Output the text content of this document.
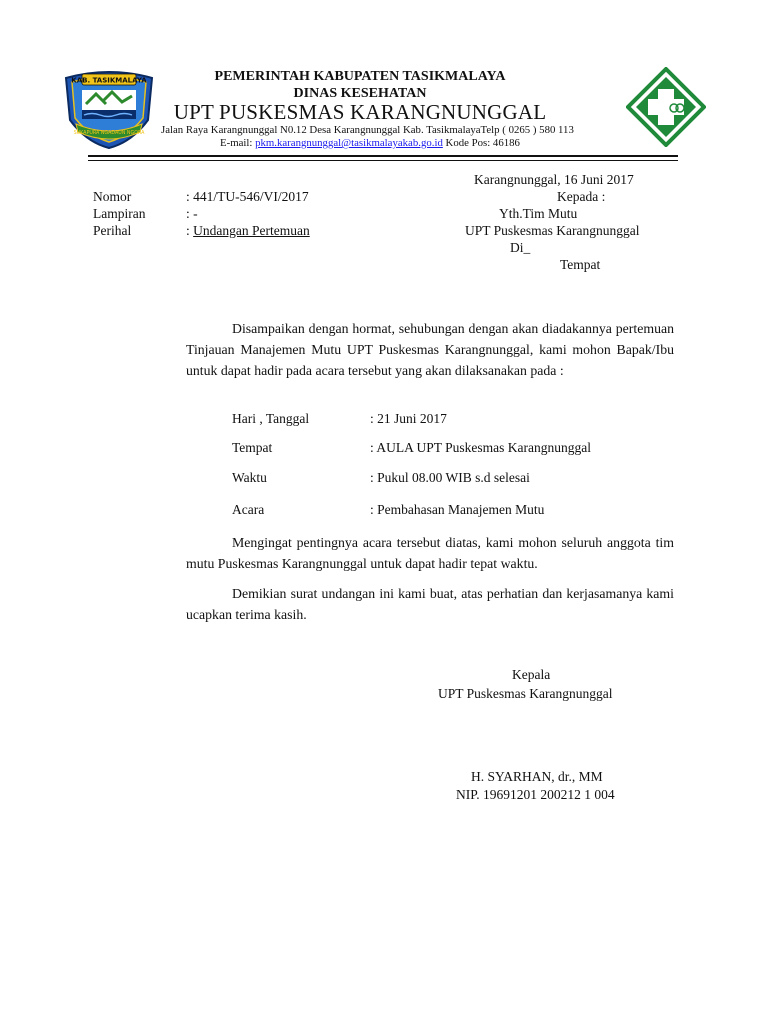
KAB. TASIKMALAYA
SUKAPURA NGADAUN NGORA
PEMERINTAH KABUPATEN TASIKMALAYA
DINAS KESEHATAN
UPT PUSKESMAS KARANGNUNGGAL
Jalan Raya Karangnunggal N0.12 Desa Karangnunggal Kab. TasikmalayaTelp ( 0265 ) 580 113
E-mail: pkm.karangnunggal@tasikmalayakab.go.id Kode Pos: 46186
Karangnunggal, 16 Juni 2017
Nomor	: 441/TU-546/VI/2017
Lampiran	: -
Perihal	: Undangan Pertemuan
Kepada :
Yth.Tim Mutu
UPT Puskesmas Karangnunggal
Di_
Tempat
Disampaikan dengan hormat, sehubungan dengan akan diadakannya pertemuan Tinjauan Manajemen Mutu UPT Puskesmas Karangnunggal, kami mohon Bapak/Ibu untuk dapat hadir pada acara tersebut yang akan dilaksanakan pada :
Hari , Tanggal	: 21 Juni 2017
Tempat	: AULA UPT Puskesmas Karangnunggal
Waktu	: Pukul 08.00 WIB s.d selesai
Acara	: Pembahasan Manajemen Mutu
Mengingat pentingnya acara tersebut diatas, kami mohon seluruh anggota tim mutu Puskesmas Karangnunggal untuk dapat hadir tepat waktu.
Demikian surat undangan ini kami buat, atas perhatian dan kerjasamanya kami ucapkan terima kasih.
Kepala
UPT Puskesmas Karangnunggal
H. SYARHAN, dr., MM
NIP. 19691201 200212 1 004
